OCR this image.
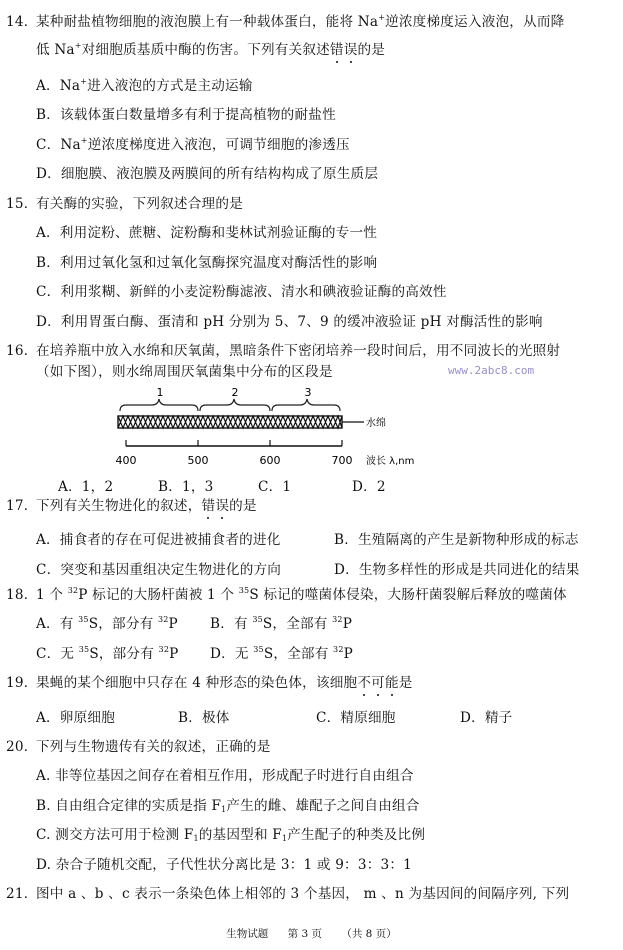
14．
某种耐盐植物细胞的液泡膜上有一种载体蛋白，能将 Na+逆浓度梯度运入液泡，从而降
低 Na+对细胞质基质中酶的伤害。下列有关叙述错误的是
A．Na+进入液泡的方式是主动运输
B．该载体蛋白数量增多有利于提高植物的耐盐性
C．Na+逆浓度梯度进入液泡，可调节细胞的渗透压
D．细胞膜、液泡膜及两膜间的所有结构构成了原生质层
15．
有关酶的实验，下列叙述合理的是
A．利用淀粉、蔗糖、淀粉酶和斐林试剂验证酶的专一性
B．利用过氧化氢和过氧化氢酶探究温度对酶活性的影响
C．利用浆糊、新鲜的小麦淀粉酶滤液、清水和碘液验证酶的高效性
D．利用胃蛋白酶、蛋清和 pH 分别为 5、7、9 的缓冲液验证 pH 对酶活性的影响
16．
在培养瓶中放入水绵和厌氧菌，黑暗条件下密闭培养一段时间后，用不同波长的光照射
（如下图），则水绵周围厌氧菌集中分布的区段是	www.2abc8.com
1	2	3
水绵
400	500	600	700 波长 λ,nm
A．1，2	B．1，3	C．1	D．2
17．
下列有关生物进化的叙述，错误的是
A．捕食者的存在可促进被捕食者的进化	B．生殖隔离的产生是新物种形成的标志
C．突变和基因重组决定生物进化的方向	D．生物多样性的形成是共同进化的结果
18．
1 个 $^{32}$P 标记的大肠杆菌被 1 个 $^{35}$S 标记的噬菌体侵染，大肠杆菌裂解后释放的噬菌体
A．有 $^{35}$S，部分有 $^{32}$P B．有 $^{35}$S，全部有 $^{32}$P
C．无 $^{35}$S，部分有 $^{32}$P D．无 $^{35}$S，全部有 $^{32}$P
19．
果蝇的某个细胞中只存在 4 种形态的染色体，该细胞不可能是
A．卵原细胞	B．极体	C．精原细胞	D．精子
20．
下列与生物遗传有关的叙述，正确的是
A. 非等位基因之间存在着相互作用，形成配子时进行自由组合
B. 自由组合定律的实质是指 $F_1$产生的雌、雄配子之间自由组合
C. 测交方法可用于检测 $F_1$的基因型和 $F_1$产生配子的种类及比例
D. 杂合子随机交配，子代性状分离比是 3：1 或 9：3：3：1
21．
图中 a 、b 、c 表示一条染色体上相邻的 3 个基因， m 、n 为基因间的间隔序列, 下列
生物试题 第 3 页 （共 8 页）
